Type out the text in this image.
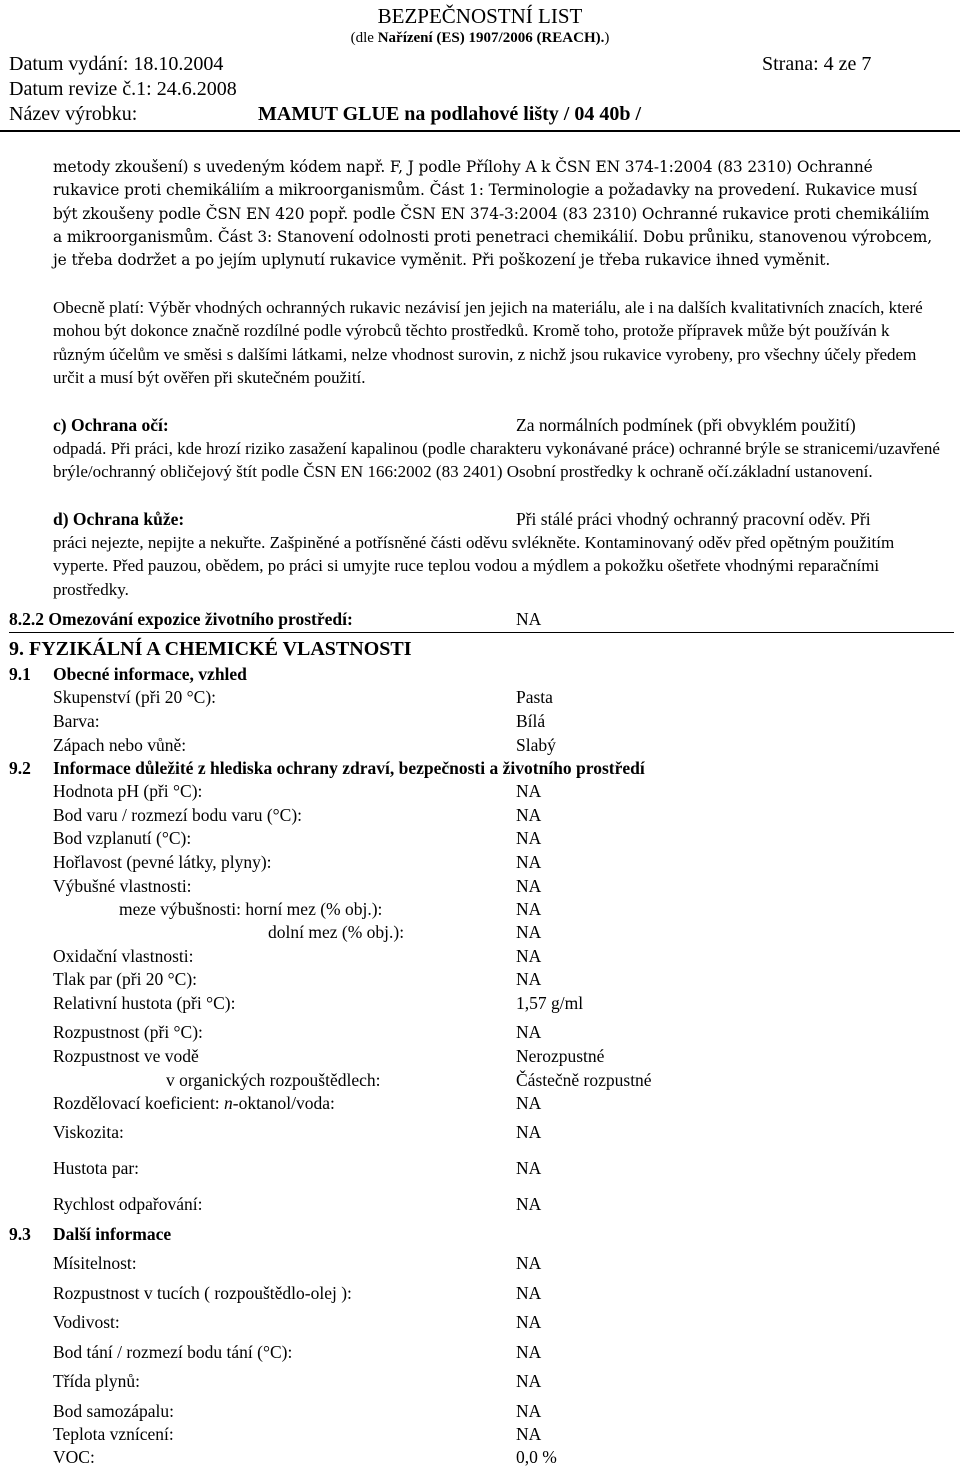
BEZPEČNOSTNÍ LIST
(dle Nařízení (ES) 1907/2006 (REACH).)
Datum vydání: 18.10.2004	Strana: 4 ze 7
Datum revize č.1: 24.6.2008
Název výrobku:	MAMUT GLUE na podlahové lišty / 04 40b /
metody zkoušení) s uvedeným kódem např. F, J podle Přílohy A k ČSN EN 374-1:2004 (83 2310) Ochranné rukavice proti chemikáliím a mikroorganismům. Část 1: Terminologie a požadavky na provedení. Rukavice musí být zkoušeny podle ČSN EN 420 popř. podle ČSN EN 374-3:2004 (83 2310) Ochranné rukavice proti chemikáliím a mikroorganismům. Část 3: Stanovení odolnosti proti penetraci chemikálií. Dobu průniku, stanovenou výrobcem, je třeba dodržet a po jejím uplynutí rukavice vyměnit. Při poškození je třeba rukavice ihned vyměnit.
Obecně platí: Výběr vhodných ochranných rukavic nezávisí jen jejich na materiálu, ale i na dalších kvalitativních znacích, které mohou být dokonce značně rozdílné podle výrobců těchto prostředků. Kromě toho, protože přípravek může být používán k různým účelům ve směsi s dalšími látkami, nelze vhodnost surovin, z nichž jsou rukavice vyrobeny, pro všechny účely předem určit a musí být ověřen při skutečném použití.
c) Ochrana očí:	Za normálních podmínek (při obvyklém použití)
odpadá. Při práci, kde hrozí riziko zasažení kapalinou (podle charakteru vykonávané práce) ochranné brýle se stranicemi/uzavřené brýle/ochranný obličejový štít podle ČSN EN 166:2002 (83 2401) Osobní prostředky k ochraně očí.základní ustanovení.
d) Ochrana kůže:	Při stálé práci vhodný ochranný pracovní oděv. Při
práci nejezte, nepijte a nekuřte. Zašpiněné a potřísněné části oděvu svlékněte. Kontaminovaný oděv před opětným použitím vyperte. Před pauzou, obědem, po práci si umyjte ruce teplou vodou a mýdlem a pokožku ošetřete vhodnými reparačními prostředky.
8.2.2 Omezování expozice životního prostředí:	NA
9. FYZIKÁLNÍ A CHEMICKÉ VLASTNOSTI
9.1 Obecné informace, vzhled
Skupenství (při 20 °C):	Pasta
Barva:	Bílá
Zápach nebo vůně:	Slabý
9.2 Informace důležité z hlediska ochrany zdraví, bezpečnosti a životního prostředí
Hodnota pH (při °C):	NA
Bod varu / rozmezí bodu varu (°C):	NA
Bod vzplanutí (°C):	NA
Hořlavost (pevné látky, plyny):	NA
Výbušné vlastnosti:	NA
meze výbušnosti: horní mez (% obj.):	NA
dolní mez (% obj.):	NA
Oxidační vlastnosti:	NA
Tlak par (při 20 °C):	NA
Relativní hustota (při °C):	1,57 g/ml
Rozpustnost (při °C):	NA
Rozpustnost ve vodě	Nerozpustné
v organických rozpouštědlech:	Částečně rozpustné
Rozdělovací koeficient: n-oktanol/voda:	NA
Viskozita:	NA
Hustota par:	NA
Rychlost odpařování:	NA
9.3 Další informace
Mísitelnost:	NA
Rozpustnost v tucích ( rozpouštědlo-olej ):	NA
Vodivost:	NA
Bod tání / rozmezí bodu tání (°C):	NA
Třída plynů:	NA
Bod samozápalu:	NA
Teplota vznícení:	NA
VOC:	0,0 %
